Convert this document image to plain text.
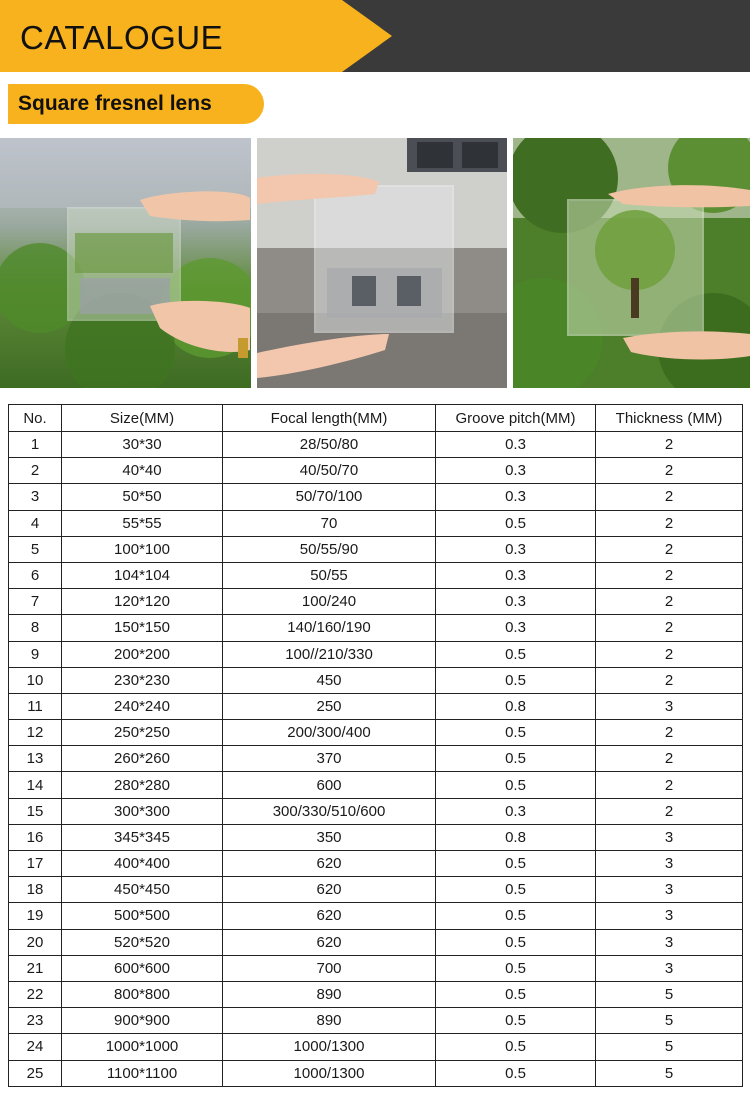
CATALOGUE
Square fresnel lens
No.	Size(MM)	Focal length(MM)	Groove pitch(MM)	Thickness (MM)
1	30*30	28/50/80	0.3	2
2	40*40	40/50/70	0.3	2
3	50*50	50/70/100	0.3	2
4	55*55	70	0.5	2
5	100*100	50/55/90	0.3	2
6	104*104	50/55	0.3	2
7	120*120	100/240	0.3	2
8	150*150	140/160/190	0.3	2
9	200*200	100//210/330	0.5	2
10	230*230	450	0.5	2
11	240*240	250	0.8	3
12	250*250	200/300/400	0.5	2
13	260*260	370	0.5	2
14	280*280	600	0.5	2
15	300*300	300/330/510/600	0.3	2
16	345*345	350	0.8	3
17	400*400	620	0.5	3
18	450*450	620	0.5	3
19	500*500	620	0.5	3
20	520*520	620	0.5	3
21	600*600	700	0.5	3
22	800*800	890	0.5	5
23	900*900	890	0.5	5
24	1000*1000	1000/1300	0.5	5
25	1100*1100	1000/1300	0.5	5
